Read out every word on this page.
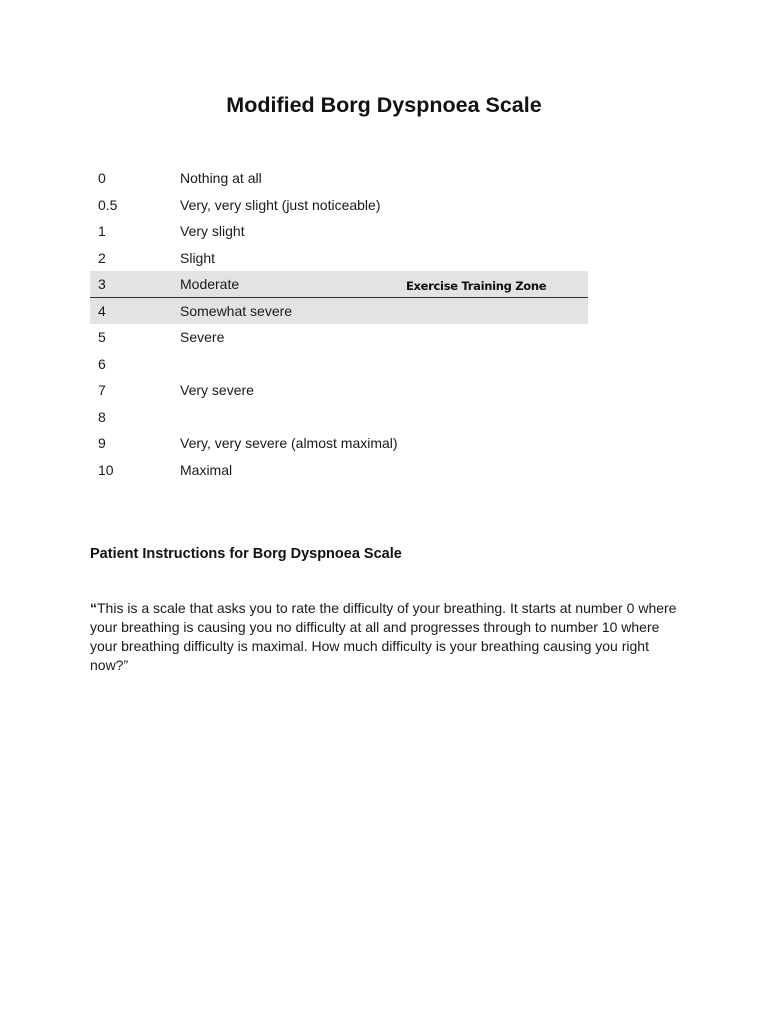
Modified Borg Dyspnoea Scale
0	Nothing at all
0.5	Very, very slight (just noticeable)
1	Very slight
2	Slight
3	Moderate	Exercise Training Zone
4	Somewhat severe
5	Severe
6
7	Very severe
8
9	Very, very severe (almost maximal)
10	Maximal
Patient Instructions for Borg Dyspnoea Scale
“This is a scale that asks you to rate the difficulty of your breathing. It starts at number 0 where your breathing is causing you no difficulty at all and progresses through to number 10 where your breathing difficulty is maximal. How much difficulty is your breathing causing you right now?”
